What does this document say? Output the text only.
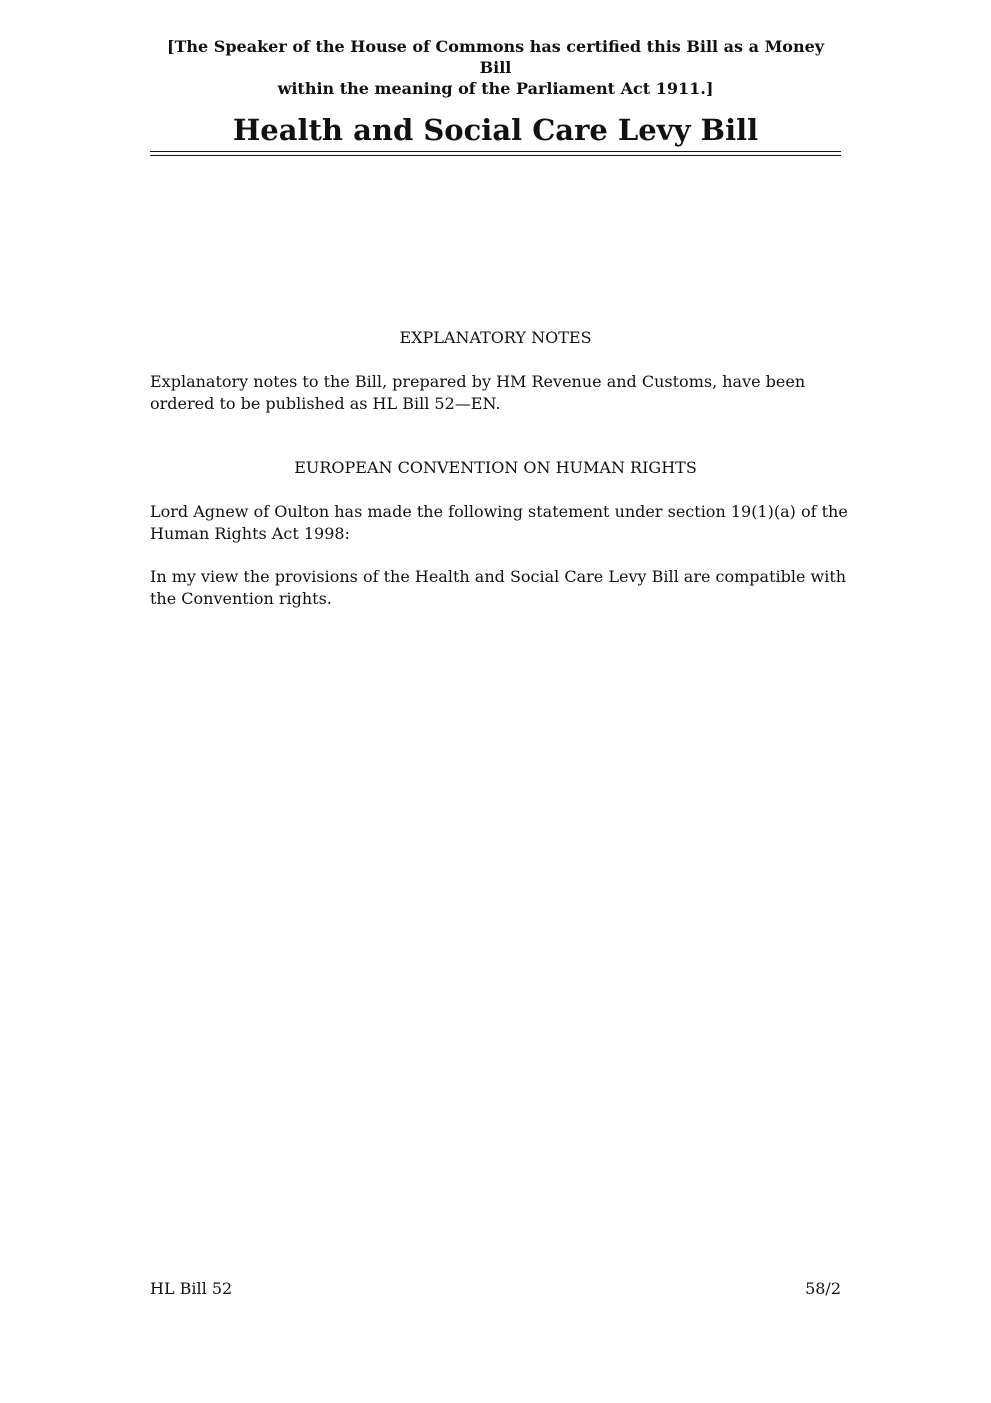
[The Speaker of the House of Commons has certified this Bill as a Money Bill
within the meaning of the Parliament Act 1911.]
Health and Social Care Levy Bill
EXPLANATORY NOTES

Explanatory notes to the Bill, prepared by HM Revenue and Customs, have been
ordered to be published as HL Bill 52—EN.

EUROPEAN CONVENTION ON HUMAN RIGHTS

Lord Agnew of Oulton has made the following statement under section 19(1)(a) of the
Human Rights Act 1998:

In my view the provisions of the Health and Social Care Levy Bill are compatible with
the Convention rights.

HL Bill 52	58/2
